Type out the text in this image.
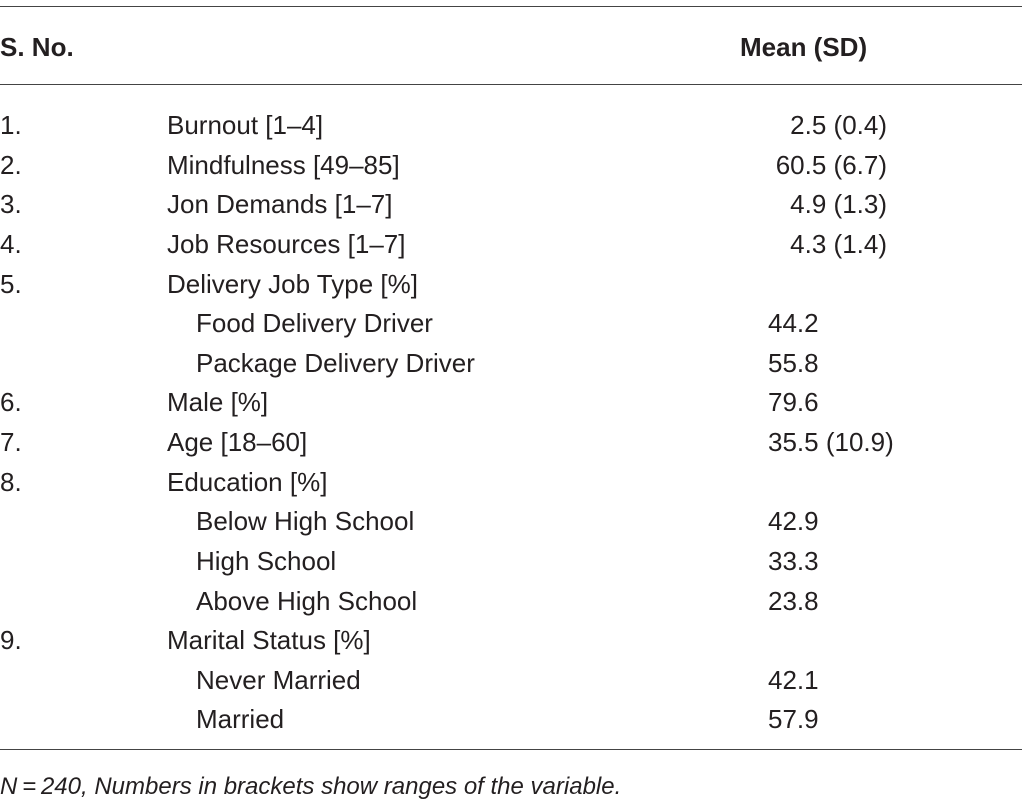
S. No.	Mean (SD)
1.	Burnout [1–4]	2.5 (0.4)
2.	Mindfulness [49–85]	60.5 (6.7)
3.	Jon Demands [1–7]	4.9 (1.3)
4.	Job Resources [1–7]	4.3 (1.4)
5.	Delivery Job Type [%]
Food Delivery Driver	44.2
Package Delivery Driver	55.8
6.	Male [%]	79.6
7.	Age [18–60]	35.5 (10.9)
8.	Education [%]
Below High School	42.9
High School	33.3
Above High School	23.8
9.	Marital Status [%]
Never Married	42.1
Married	57.9
N = 240, Numbers in brackets show ranges of the variable.
